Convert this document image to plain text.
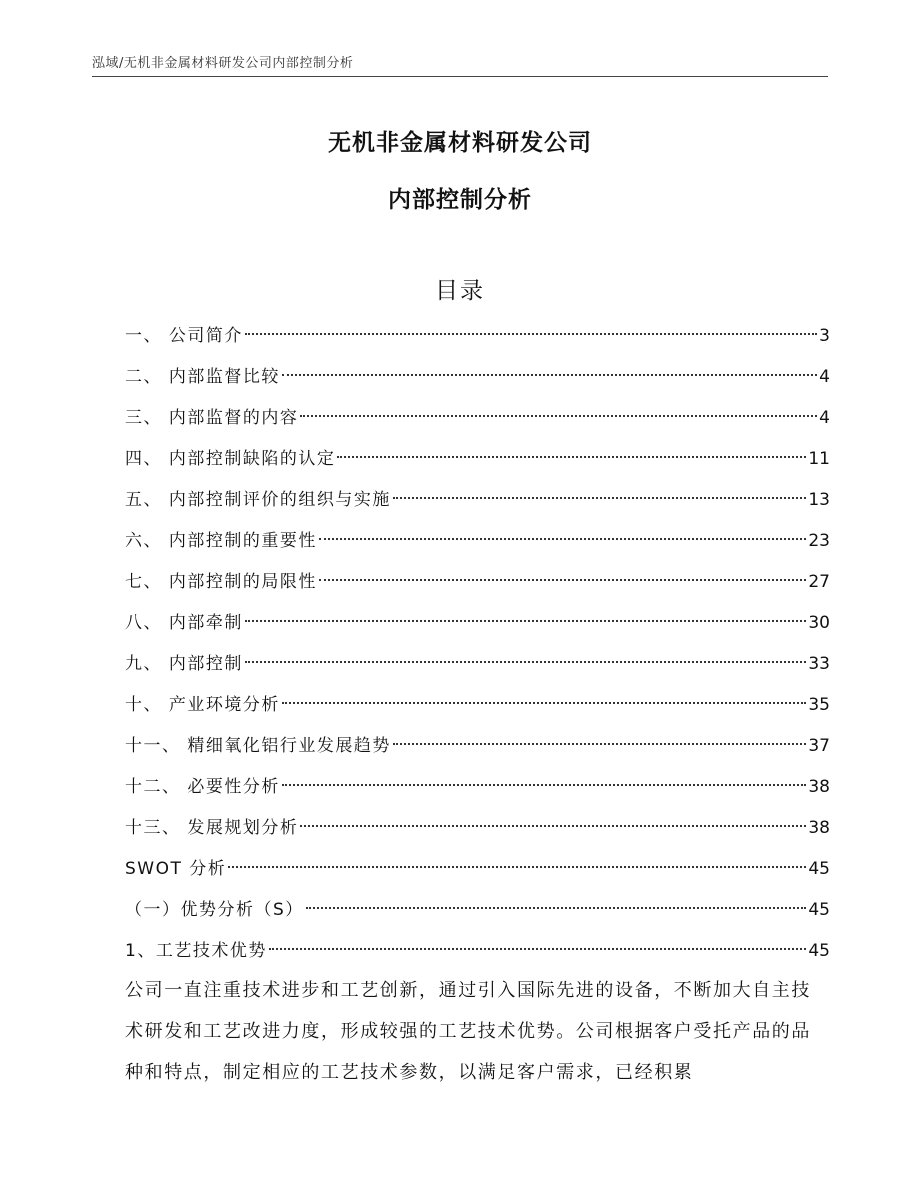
泓域/无机非金属材料研发公司内部控制分析
无机非金属材料研发公司
内部控制分析
目录
一、 公司简介	3
二、 内部监督比较	4
三、 内部监督的内容	4
四、 内部控制缺陷的认定	11
五、 内部控制评价的组织与实施	13
六、 内部控制的重要性	23
七、 内部控制的局限性	27
八、 内部牵制	30
九、 内部控制	33
十、 产业环境分析	35
十一、 精细氧化铝行业发展趋势	37
十二、 必要性分析	38
十三、 发展规划分析	38
SWOT 分析	45
（一）优势分析（S）	45
1、工艺技术优势	45
公司一直注重技术进步和工艺创新，通过引入国际先进的设备，不断加大自主技术研发和工艺改进力度，形成较强的工艺技术优势。公司根据客户受托产品的品种和特点，制定相应的工艺技术参数，以满足客户需求，已经积累
